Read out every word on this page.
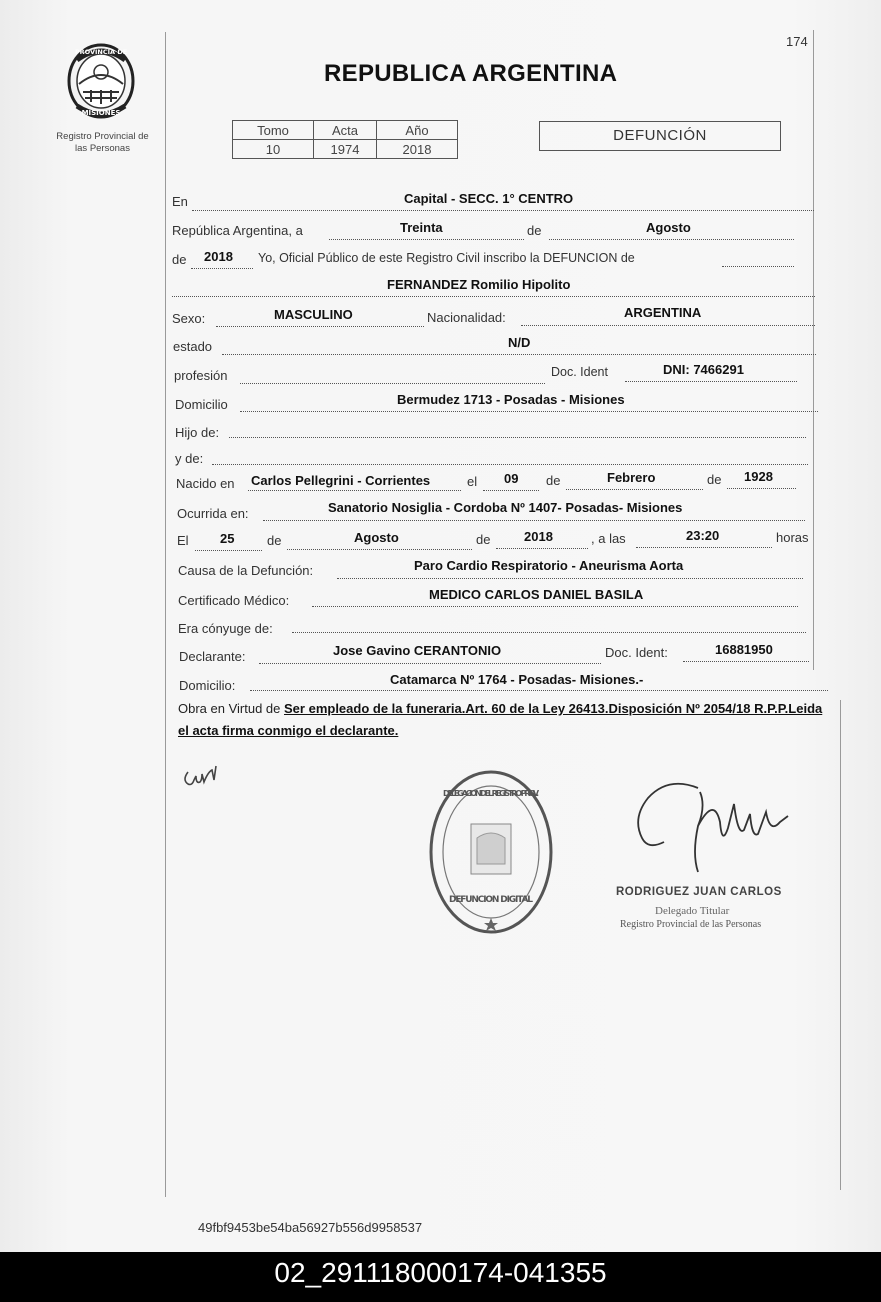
174
PROVINCIA DE
MISIONES
Registro Provincial de
las Personas
REPUBLICA ARGENTINA
Tomo	Acta	Año
10	1974	2018
DEFUNCIÓN
En	Capital - SECC. 1° CENTRO
República Argentina, a	Treinta	de	Agosto
de 2018 Yo, Oficial Público de este Registro Civil inscribo la DEFUNCION de
FERNANDEZ Romilio Hipolito
Sexo:	MASCULINO	Nacionalidad:	ARGENTINA
estado	N/D
profesión	Doc. Ident	DNI: 7466291
Domicilio	Bermudez 1713 - Posadas - Misiones
Hijo de:
y de:
Nacido en Carlos Pellegrini - Corrientes	el 09 de	Febrero	de 1928
Ocurrida en:	Sanatorio Nosiglia - Cordoba Nº 1407- Posadas- Misiones
El 25	de	Agosto	de	2018	, a las	23:20	horas
Causa de la Defunción:	Paro Cardio Respiratorio - Aneurisma Aorta
Certificado Médico:	MEDICO CARLOS DANIEL BASILA
Era cónyuge de:
Declarante:	Jose Gavino CERANTONIO	Doc. Ident:	16881950
Domicilio:	Catamarca Nº 1764 - Posadas- Misiones.-
Obra en Virtud de Ser empleado de la funeraria.Art. 60 de la Ley 26413.Disposición Nº 2054/18 R.P.P.Leida el acta firma conmigo el declarante.
DELEGACION DEL REGISTRO PROV.
DEFUNCION DIGITAL
RODRIGUEZ JUAN CARLOS
Delegado Titular
Registro Provincial de las Personas
49fbf9453be54ba56927b556d9958537
02_291118000174-041355
